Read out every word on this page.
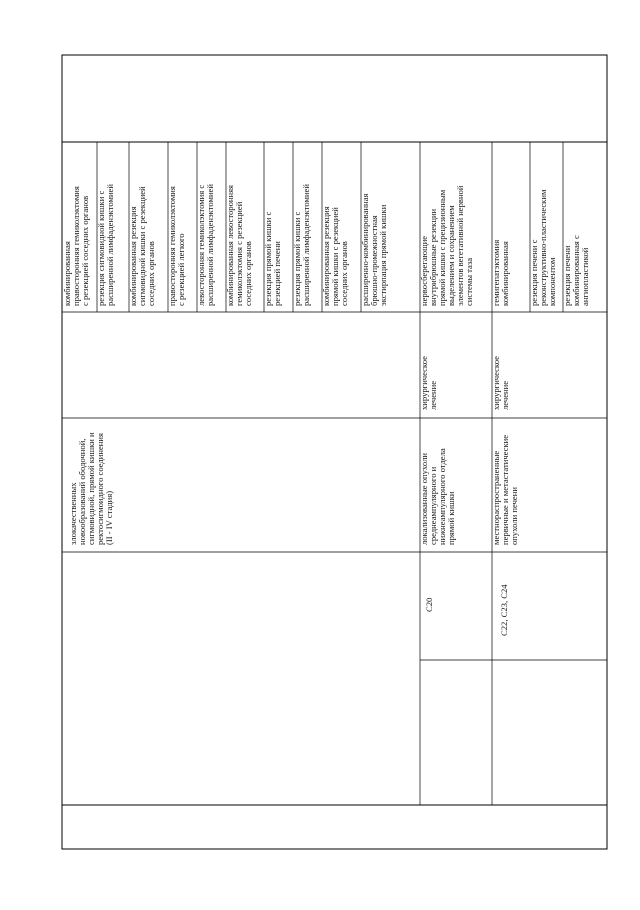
злокачественных новообразований ободочной, сигмовидной, прямой кишки и ректосигмоидного соединения (II - IV стадия)
комбинированная правосторонняя гемиколэктомия с резекцией соседних органов резекция сигмовидной кишки с расширенной лимфаденэктомией комбинированная резекция сигмовидной кишки с резекцией соседних органов правосторонняя гемиколэктомия с резекцией легкого левосторонняя гемиколэктомия с расширенной лимфаденэктомией комбинированная левосторонняя гемиколэктомия с резекцией соседних органов резекция прямой кишки с резекцией печени резекция прямой кишки с расширенной лимфаденэктомией комбинированная резекция прямой кишки с резекцией соседних органов расширенно-комбинированная брюшно-промежностная экстирпация прямой кишки
C20
локализованные опухоли среднеампулярного и нижнеампулярного отдела прямой кишки
хирургическое лечение
нервосберегающие внутрибрюшные резекции прямой кишки с прецизионным выделением и сохранением элементов вегетативной нервной системы таза
C22, C23, C24
местнораспространенные первичные и метастатические опухоли печени
хирургическое лечение
гемигепатэктомия комбинированная резекция печени с реконструктивно-пластическим компонентом резекция печени комбинированная с ангиопластикой
